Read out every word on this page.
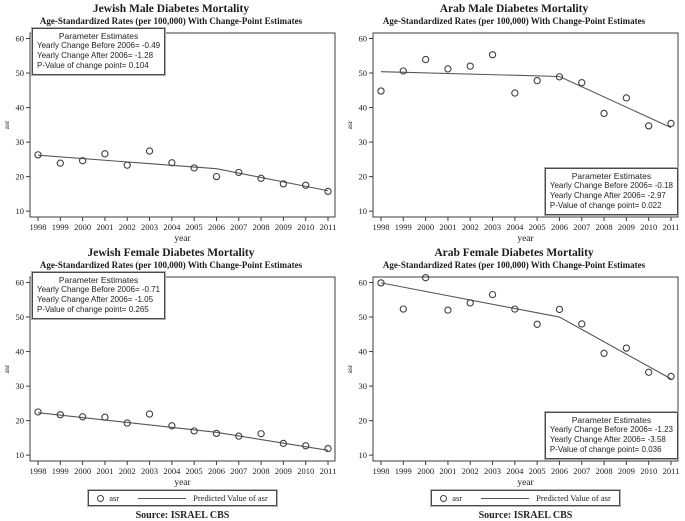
Jewish Male Diabetes Mortality
Age-Standardized Rates (per 100,000) With Change-Point Estimates
10
20
30
40
50
60
1998 1999 2000 2001 2002 2003 2004 2005 2006 2007 2008 2009 2010 2011
asr
year
Parameter Estimates
Yearly Change Before 2006= -0.49
Yearly Change After 2006= -1.28
P-Value of change point= 0.104
Arab Male Diabetes Mortality
Age-Standardized Rates (per 100,000) With Change-Point Estimates
10
20
30
40
50
60
1998 1999 2000 2001 2002 2003 2004 2005 2006 2007 2008 2009 2010 2011
asr
year
Parameter Estimates
Yearly Change Before 2006= -0.18
Yearly Change After 2006= -2.97
P-Value of change point= 0.022
Jewish Female Diabetes Mortality
Age-Standardized Rates (per 100,000) With Change-Point Estimates
10
20
30
40
50
60
1998 1999 2000 2001 2002 2003 2004 2005 2006 2007 2008 2009 2010 2011
asr
year
Parameter Estimates
Yearly Change Before 2006= -0.71
Yearly Change After 2006= -1.05
P-Value of change point= 0.265
asr	Predicted Value of asr
Source: ISRAEL CBS
Arab Female Diabetes Mortality
Age-Standardized Rates (per 100,000) With Change-Point Estimates
10
20
30
40
50
60
1998 1999 2000 2001 2002 2003 2004 2005 2006 2007 2008 2009 2010 2011
asr
year
Parameter Estimates
Yearly Change Before 2006= -1.23
Yearly Change After 2006= -3.58
P-Value of change point= 0.036
asr	Predicted Value of asr
Source: ISRAEL CBS
